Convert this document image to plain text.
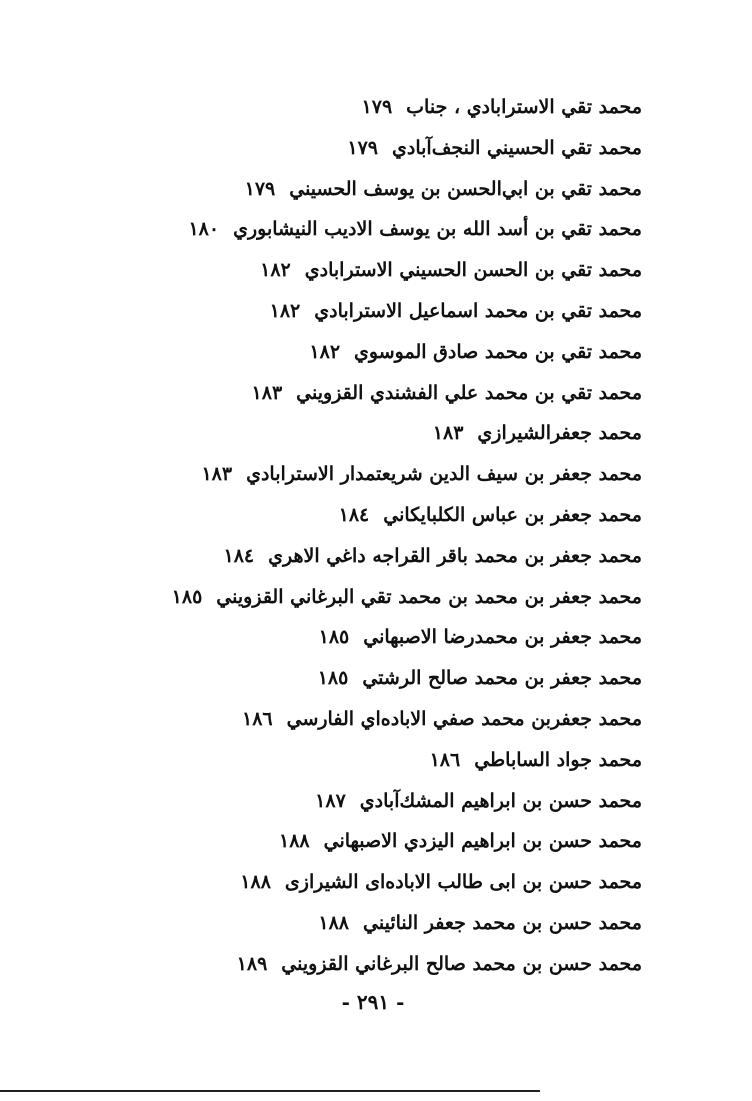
محمد تقي الاسترابادي ، جناب١٧٩
محمد تقي الحسيني النجف‌آبادي١٧٩
محمد تقي بن ابي‌الحسن بن يوسف الحسيني١٧٩
محمد تقي بن أسد الله بن يوسف الاديب النيشابوري١٨٠
محمد تقي بن الحسن الحسيني الاسترابادي١٨٢
محمد تقي بن محمد اسماعيل الاسترابادي١٨٢
محمد تقي بن محمد صادق الموسوي١٨٢
محمد تقي بن محمد علي الفشندي القزويني١٨٣
محمد جعفرالشيرازي١٨٣
محمد جعفر بن سيف الدين شريعتمدار الاسترابادي١٨٣
محمد جعفر بن عباس الكلبايكاني١٨٤
محمد جعفر بن محمد باقر القراجه داغي الاهري١٨٤
محمد جعفر بن محمد بن محمد تقي البرغاني القزويني١٨٥
محمد جعفر بن محمدرضا الاصبهاني١٨٥
محمد جعفر بن محمد صالح الرشتي١٨٥
محمد جعفربن محمد صفي الاباده‌اي الفارسي١٨٦
محمد جواد الساباطي١٨٦
محمد حسن بن ابراهيم المشك‌آبادي١٨٧
محمد حسن بن ابراهيم اليزدي الاصبهاني١٨٨
محمد حسن بن ابى طالب الاباده‌اى الشيرازى١٨٨
محمد حسن بن محمد جعفر النائيني١٨٨
محمد حسن بن محمد صالح البرغاني القزويني١٨٩
- ٢٩١ -
